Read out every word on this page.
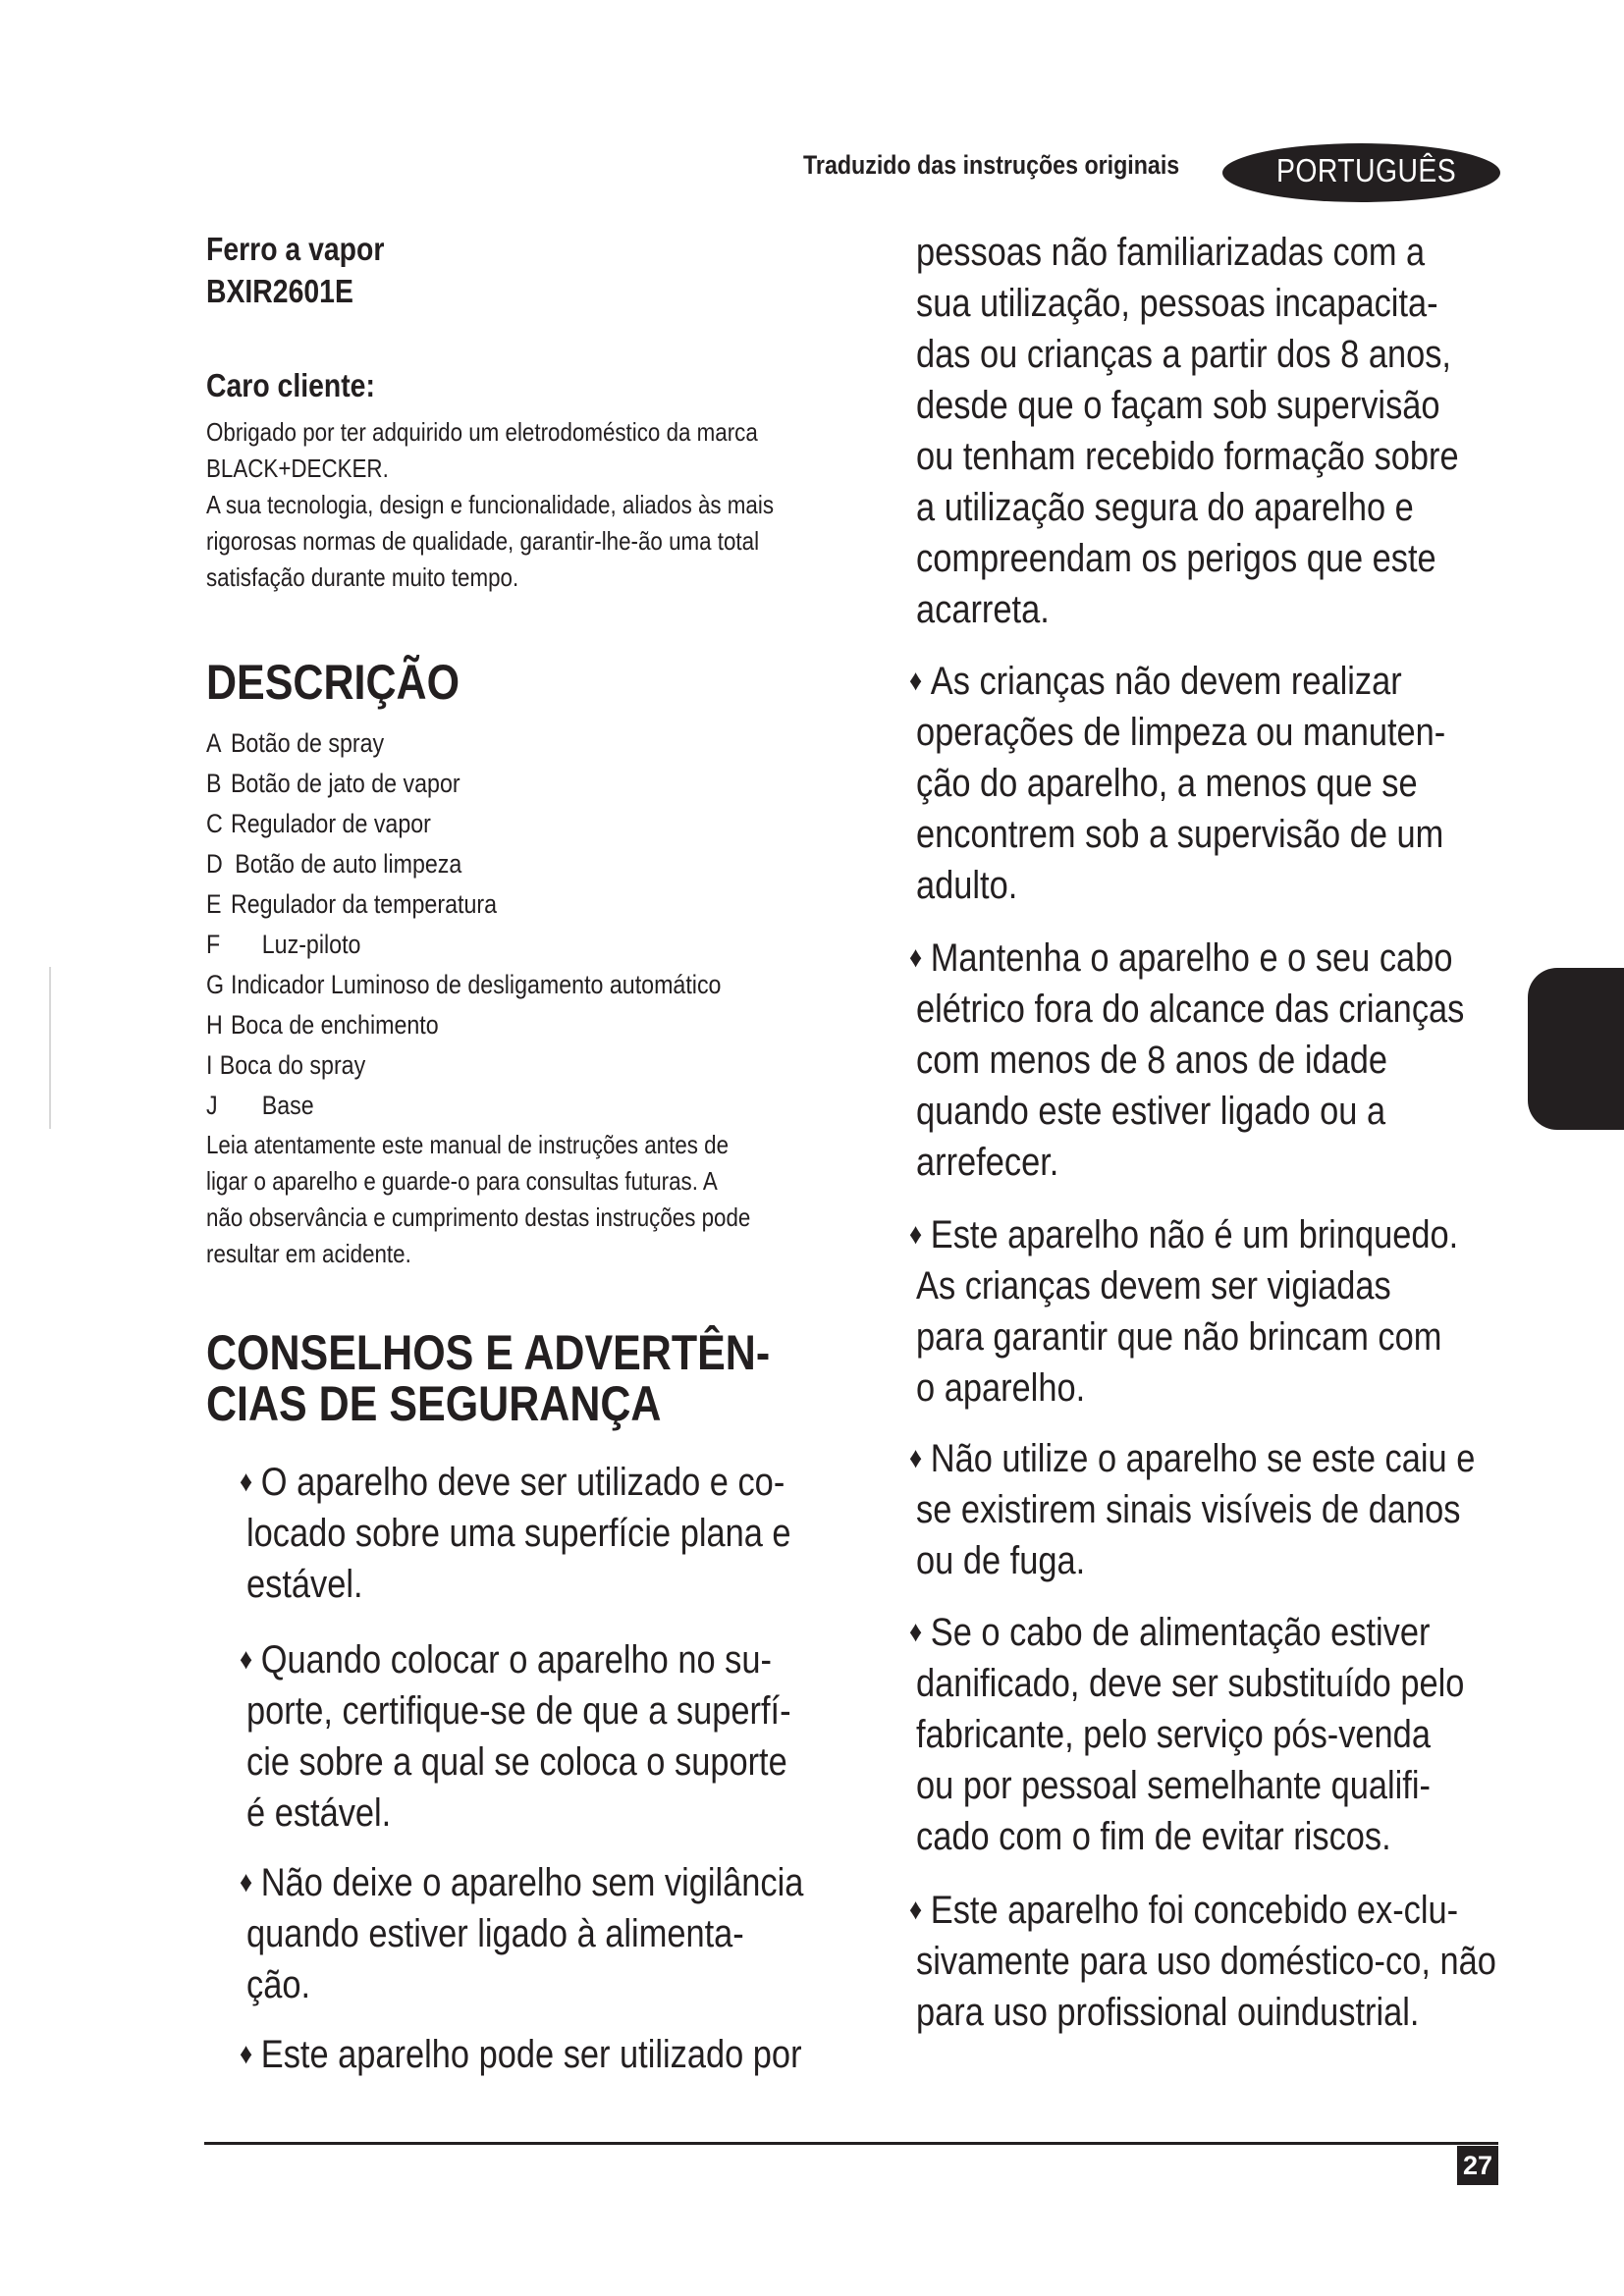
Traduzido das instruções originais	PORTUGUÊS
Ferro a vapor
BXIR2601E
Caro cliente:
Obrigado por ter adquirido um eletrodoméstico da marca
BLACK+DECKER.
A sua tecnologia, design e funcionalidade, aliados às mais
rigorosas normas de qualidade, garantir-lhe-ão uma total
satisfação durante muito tempo.
DESCRIÇÃO
A Botão de spray
B Botão de jato de vapor
C Regulador de vapor
D Botão de auto limpeza
E Regulador da temperatura
F Luz-piloto
G Indicador Luminoso de desligamento automático
H Boca de enchimento
I Boca do spray
J Base
Leia atentamente este manual de instruções antes de
ligar o aparelho e guarde-o para consultas futuras. A
não observância e cumprimento destas instruções pode
resultar em acidente.
CONSELHOS E ADVERTÊN-
CIAS DE SEGURANÇA
♦ O aparelho deve ser utilizado e co-
locado sobre uma superfície plana e
estável.
♦ Quando colocar o aparelho no su-
porte, certifique-se de que a superfí-
cie sobre a qual se coloca o suporte
é estável.
♦ Não deixe o aparelho sem vigilância
quando estiver ligado à alimenta-
ção.
♦ Este aparelho pode ser utilizado por
pessoas não familiarizadas com a
sua utilização, pessoas incapacita-
das ou crianças a partir dos 8 anos,
desde que o façam sob supervisão
ou tenham recebido formação sobre
a utilização segura do aparelho e
compreendam os perigos que este
acarreta.
♦ As crianças não devem realizar
operações de limpeza ou manuten-
ção do aparelho, a menos que se
encontrem sob a supervisão de um
adulto.
♦ Mantenha o aparelho e o seu cabo
elétrico fora do alcance das crianças
com menos de 8 anos de idade
quando este estiver ligado ou a
arrefecer.
♦ Este aparelho não é um brinquedo.
As crianças devem ser vigiadas
para garantir que não brincam com
o aparelho.
♦ Não utilize o aparelho se este caiu e
se existirem sinais visíveis de danos
ou de fuga.
♦ Se o cabo de alimentação estiver
danificado, deve ser substituído pelo
fabricante, pelo serviço pós-venda
ou por pessoal semelhante qualifi-
cado com o fim de evitar riscos.
♦ Este aparelho foi concebido ex-clu-
sivamente para uso doméstico-co, não
para uso profissional ouindustrial.
27
